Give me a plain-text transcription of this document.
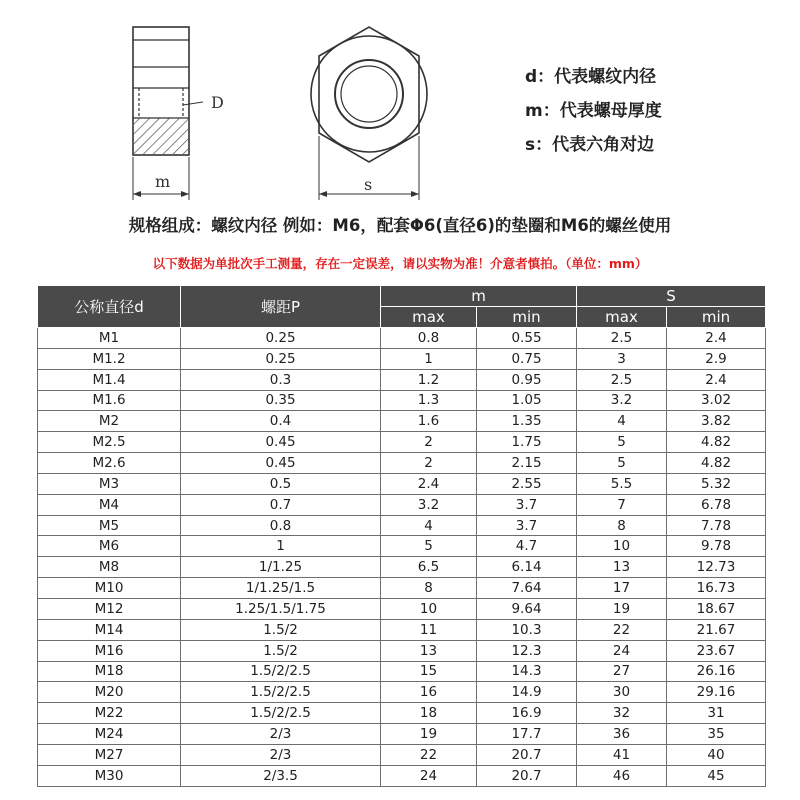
D
m	s
d：代表螺纹内径
m：代表螺母厚度
s：代表六角对边
规格组成：螺纹内径 例如：M6，配套Φ6(直径6)的垫圈和M6的螺丝使用
以下数据为单批次手工测量，存在一定误差，请以实物为准！介意者慎拍。（单位：mm）
公称直径d	螺距P	m		S	
		max	min	max	min
M1	0.25	0.8	0.55	2.5	2.4
M1.2	0.25	1	0.75	3	2.9
M1.4	0.3	1.2	0.95	2.5	2.4
M1.6	0.35	1.3	1.05	3.2	3.02
M2	0.4	1.6	1.35	4	3.82
M2.5	0.45	2	1.75	5	4.82
M2.6	0.45	2	2.15	5	4.82
M3	0.5	2.4	2.55	5.5	5.32
M4	0.7	3.2	3.7	7	6.78
M5	0.8	4	3.7	8	7.78
M6	1	5	4.7	10	9.78
M8	1/1.25	6.5	6.14	13	12.73
M10	1/1.25/1.5	8	7.64	17	16.73
M12	1.25/1.5/1.75	10	9.64	19	18.67
M14	1.5/2	11	10.3	22	21.67
M16	1.5/2	13	12.3	24	23.67
M18	1.5/2/2.5	15	14.3	27	26.16
M20	1.5/2/2.5	16	14.9	30	29.16
M22	1.5/2/2.5	18	16.9	32	31
M24	2/3	19	17.7	36	35
M27	2/3	22	20.7	41	40
M30	2/3.5	24	20.7	46	45
